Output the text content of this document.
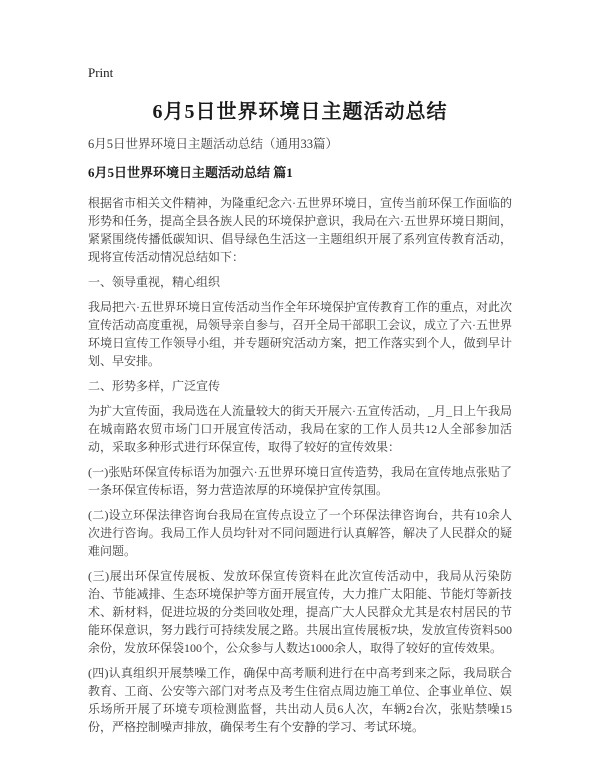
Print
6月5日世界环境日主题活动总结

6月5日世界环境日主题活动总结（通用33篇）

6月5日世界环境日主题活动总结 篇1

根据省市相关文件精神，为隆重纪念六·五世界环境日，宣传当前环保工作面临的形势和任务，提高全县各族人民的环境保护意识，我局在六·五世界环境日期间，紧紧围绕传播低碳知识、倡导绿色生活这一主题组织开展了系列宣传教育活动，现将宣传活动情况总结如下：

一、领导重视，精心组织

我局把六·五世界环境日宣传活动当作全年环境保护宣传教育工作的重点，对此次宣传活动高度重视，局领导亲自参与，召开全局干部职工会议，成立了六·五世界环境日宣传工作领导小组，并专题研究活动方案，把工作落实到个人，做到早计划、早安排。

二、形势多样，广泛宣传

为扩大宣传面，我局选在人流量较大的街天开展六·五宣传活动，_月_日上午我局在城南路农贸市场门口开展宣传活动，我局在家的工作人员共12人全部参加活动，采取多种形式进行环保宣传，取得了较好的宣传效果：

(一)张贴环保宣传标语为加强六·五世界环境日宣传造势，我局在宣传地点张贴了一条环保宣传标语，努力营造浓厚的环境保护宣传氛围。

(二)设立环保法律咨询台我局在宣传点设立了一个环保法律咨询台，共有10余人次进行咨询。我局工作人员均针对不同问题进行认真解答，解决了人民群众的疑难问题。

(三)展出环保宣传展板、发放环保宣传资料在此次宣传活动中，我局从污染防治、节能减排、生态环境保护等方面开展宣传，大力推广太阳能、节能灯等新技术、新材料，促进垃圾的分类回收处理，提高广大人民群众尤其是农村居民的节能环保意识，努力践行可持续发展之路。共展出宣传展板7块，发放宣传资料500余份，发放环保袋100个，公众参与人数达1000余人，取得了较好的宣传效果。

(四)认真组织开展禁噪工作，确保中高考顺利进行在中高考到来之际，我局联合教育、工商、公安等六部门对考点及考生住宿点周边施工单位、企事业单位、娱乐场所开展了环境专项检测监督，共出动人员6人次，车辆2台次，张贴禁噪15份，严格控制噪声排放，确保考生有个安静的学习、考试环境。
